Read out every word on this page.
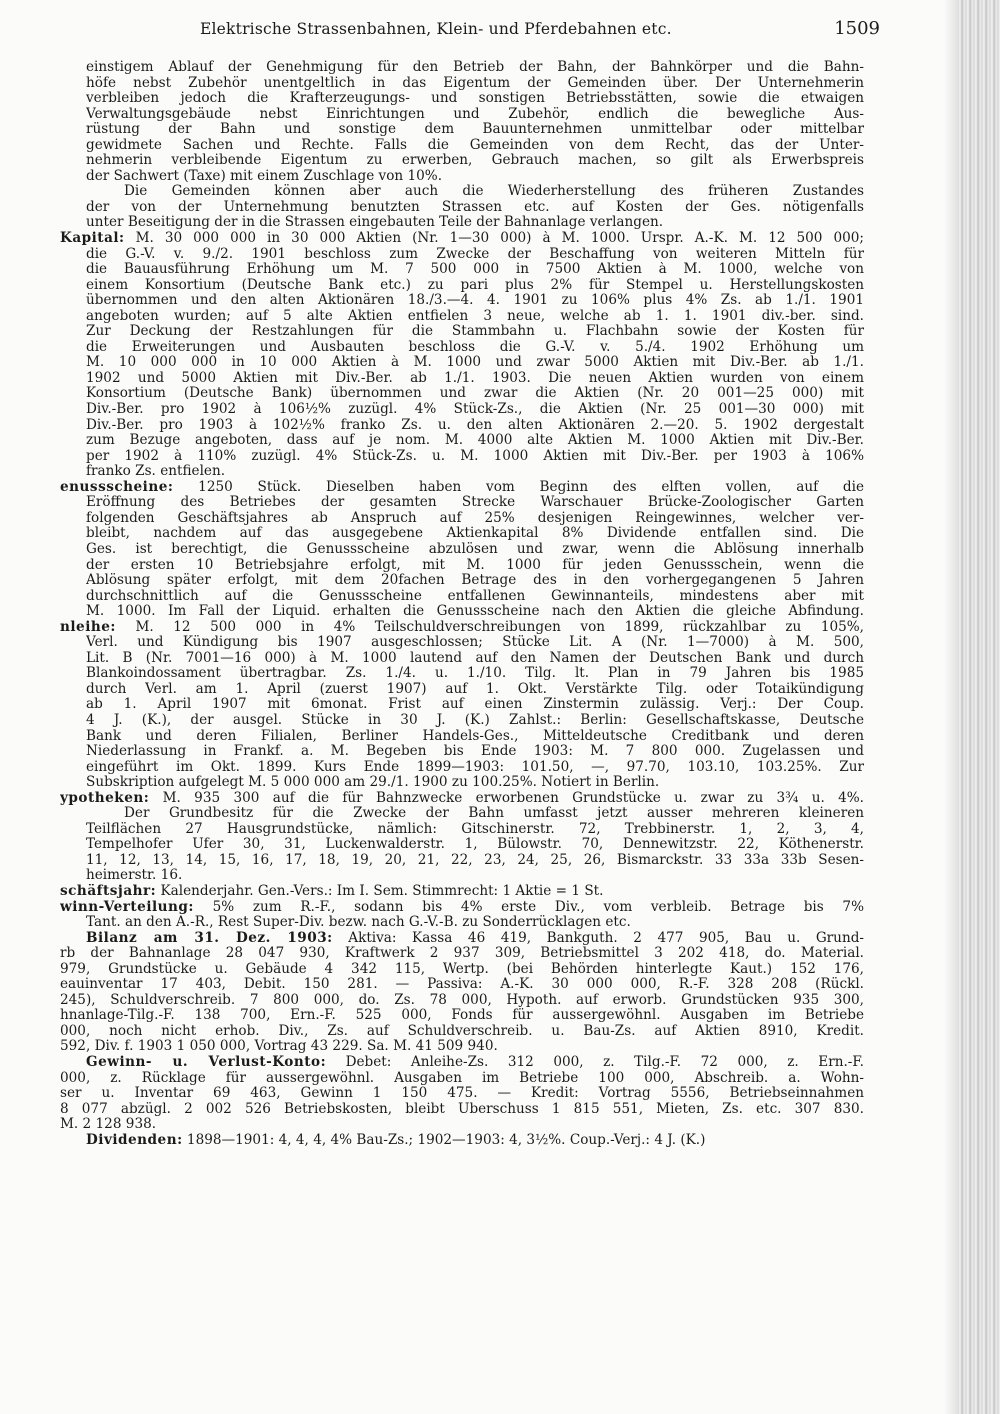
Elektrische Strassenbahnen, Klein- und Pferdebahnen etc.	1509
einstigem Ablauf der Genehmigung für den Betrieb der Bahn, der Bahnkörper und die Bahn-
höfe nebst Zubehör unentgeltlich in das Eigentum der Gemeinden über. Der Unternehmerin
verbleiben jedoch die Krafterzeugungs- und sonstigen Betriebsstätten, sowie die etwaigen
Verwaltungsgebäude nebst Einrichtungen und Zubehör, endlich die bewegliche Aus-
rüstung der Bahn und sonstige dem Bauunternehmen unmittelbar oder mittelbar
gewidmete Sachen und Rechte. Falls die Gemeinden von dem Recht, das der Unter-
nehmerin verbleibende Eigentum zu erwerben, Gebrauch machen, so gilt als Erwerbspreis
der Sachwert (Taxe) mit einem Zuschlage von 10%.
Die Gemeinden können aber auch die Wiederherstellung des früheren Zustandes
der von der Unternehmung benutzten Strassen etc. auf Kosten der Ges. nötigenfalls
unter Beseitigung der in die Strassen eingebauten Teile der Bahnanlage verlangen.
Kapital: M. 30 000 000 in 30 000 Aktien (Nr. 1—30 000) à M. 1000. Urspr. A.-K. M. 12 500 000;
die G.-V. v. 9./2. 1901 beschloss zum Zwecke der Beschaffung von weiteren Mitteln für
die Bauausführung Erhöhung um M. 7 500 000 in 7500 Aktien à M. 1000, welche von
einem Konsortium (Deutsche Bank etc.) zu pari plus 2% für Stempel u. Herstellungskosten
übernommen und den alten Aktionären 18./3.—4. 4. 1901 zu 106% plus 4% Zs. ab 1./1. 1901
angeboten wurden; auf 5 alte Aktien entfielen 3 neue, welche ab 1. 1. 1901 div.-ber. sind.
Zur Deckung der Restzahlungen für die Stammbahn u. Flachbahn sowie der Kosten für
die Erweiterungen und Ausbauten beschloss die G.-V. v. 5./4. 1902 Erhöhung um
M. 10 000 000 in 10 000 Aktien à M. 1000 und zwar 5000 Aktien mit Div.-Ber. ab 1./1.
1902 und 5000 Aktien mit Div.-Ber. ab 1./1. 1903. Die neuen Aktien wurden von einem
Konsortium (Deutsche Bank) übernommen und zwar die Aktien (Nr. 20 001—25 000) mit
Div.-Ber. pro 1902 à 106½% zuzügl. 4% Stück-Zs., die Aktien (Nr. 25 001—30 000) mit
Div.-Ber. pro 1903 à 102½% franko Zs. u. den alten Aktionären 2.—20. 5. 1902 dergestalt
zum Bezuge angeboten, dass auf je nom. M. 4000 alte Aktien M. 1000 Aktien mit Div.-Ber.
per 1902 à 110% zuzügl. 4% Stück-Zs. u. M. 1000 Aktien mit Div.-Ber. per 1903 à 106%
franko Zs. entfielen.
enussscheine: 1250 Stück. Dieselben haben vom Beginn des elften vollen, auf die
Eröffnung des Betriebes der gesamten Strecke Warschauer Brücke-Zoologischer Garten
folgenden Geschäftsjahres ab Anspruch auf 25% desjenigen Reingewinnes, welcher ver-
bleibt, nachdem auf das ausgegebene Aktienkapital 8% Dividende entfallen sind. Die
Ges. ist berechtigt, die Genussscheine abzulösen und zwar, wenn die Ablösung innerhalb
der ersten 10 Betriebsjahre erfolgt, mit M. 1000 für jeden Genussschein, wenn die
Ablösung später erfolgt, mit dem 20fachen Betrage des in den vorhergegangenen 5 Jahren
durchschnittlich auf die Genussscheine entfallenen Gewinnanteils, mindestens aber mit
M. 1000. Im Fall der Liquid. erhalten die Genussscheine nach den Aktien die gleiche Abfindung.
nleihe: M. 12 500 000 in 4% Teilschuldverschreibungen von 1899, rückzahlbar zu 105%,
Verl. und Kündigung bis 1907 ausgeschlossen; Stücke Lit. A (Nr. 1—7000) à M. 500,
Lit. B (Nr. 7001—16 000) à M. 1000 lautend auf den Namen der Deutschen Bank und durch
Blankoindossament übertragbar. Zs. 1./4. u. 1./10. Tilg. lt. Plan in 79 Jahren bis 1985
durch Verl. am 1. April (zuerst 1907) auf 1. Okt. Verstärkte Tilg. oder Totaikündigung
ab 1. April 1907 mit 6monat. Frist auf einen Zinstermin zulässig. Verj.: Der Coup.
4 J. (K.), der ausgel. Stücke in 30 J. (K.) Zahlst.: Berlin: Gesellschaftskasse, Deutsche
Bank und deren Filialen, Berliner Handels-Ges., Mitteldeutsche Creditbank und deren
Niederlassung in Frankf. a. M. Begeben bis Ende 1903: M. 7 800 000. Zugelassen und
eingeführt im Okt. 1899. Kurs Ende 1899—1903: 101.50, —, 97.70, 103.10, 103.25%. Zur
Subskription aufgelegt M. 5 000 000 am 29./1. 1900 zu 100.25%. Notiert in Berlin.
ypotheken: M. 935 300 auf die für Bahnzwecke erworbenen Grundstücke u. zwar zu 3¾ u. 4%.
Der Grundbesitz für die Zwecke der Bahn umfasst jetzt ausser mehreren kleineren
Teilflächen 27 Hausgrundstücke, nämlich: Gitschinerstr. 72, Trebbinerstr. 1, 2, 3, 4,
Tempelhofer Ufer 30, 31, Luckenwalderstr. 1, Bülowstr. 70, Dennewitzstr. 22, Köthenerstr.
11, 12, 13, 14, 15, 16, 17, 18, 19, 20, 21, 22, 23, 24, 25, 26, Bismarckstr. 33 33a 33b Sesen-
heimerstr. 16.
schäftsjahr: Kalenderjahr. Gen.-Vers.: Im I. Sem. Stimmrecht: 1 Aktie = 1 St.
winn-Verteilung: 5% zum R.-F., sodann bis 4% erste Div., vom verbleib. Betrage bis 7%
Tant. an den A.-R., Rest Super-Div. bezw. nach G.-V.-B. zu Sonderrücklagen etc.
Bilanz am 31. Dez. 1903: Aktiva: Kassa 46 419, Bankguth. 2 477 905, Bau u. Grund-
rb der Bahnanlage 28 047 930, Kraftwerk 2 937 309, Betriebsmittel 3 202 418, do. Material.
979, Grundstücke u. Gebäude 4 342 115, Wertp. (bei Behörden hinterlegte Kaut.) 152 176,
eauinventar 17 403, Debit. 150 281. — Passiva: A.-K. 30 000 000, R.-F. 328 208 (Rückl.
245), Schuldverschreib. 7 800 000, do. Zs. 78 000, Hypoth. auf erworb. Grundstücken 935 300,
hnanlage-Tilg.-F. 138 700, Ern.-F. 525 000, Fonds für aussergewöhnl. Ausgaben im Betriebe
000, noch nicht erhob. Div., Zs. auf Schuldverschreib. u. Bau-Zs. auf Aktien 8910, Kredit.
592, Div. f. 1903 1 050 000, Vortrag 43 229. Sa. M. 41 509 940.
Gewinn- u. Verlust-Konto: Debet: Anleihe-Zs. 312 000, z. Tilg.-F. 72 000, z. Ern.-F.
000, z. Rücklage für aussergewöhnl. Ausgaben im Betriebe 100 000, Abschreib. a. Wohn-
ser u. Inventar 69 463, Gewinn 1 150 475. — Kredit: Vortrag 5556, Betriebseinnahmen
8 077 abzügl. 2 002 526 Betriebskosten, bleibt Überschuss 1 815 551, Mieten, Zs. etc. 307 830.
M. 2 128 938.
Dividenden: 1898—1901: 4, 4, 4, 4% Bau-Zs.; 1902—1903: 4, 3½%. Coup.-Verj.: 4 J. (K.)
